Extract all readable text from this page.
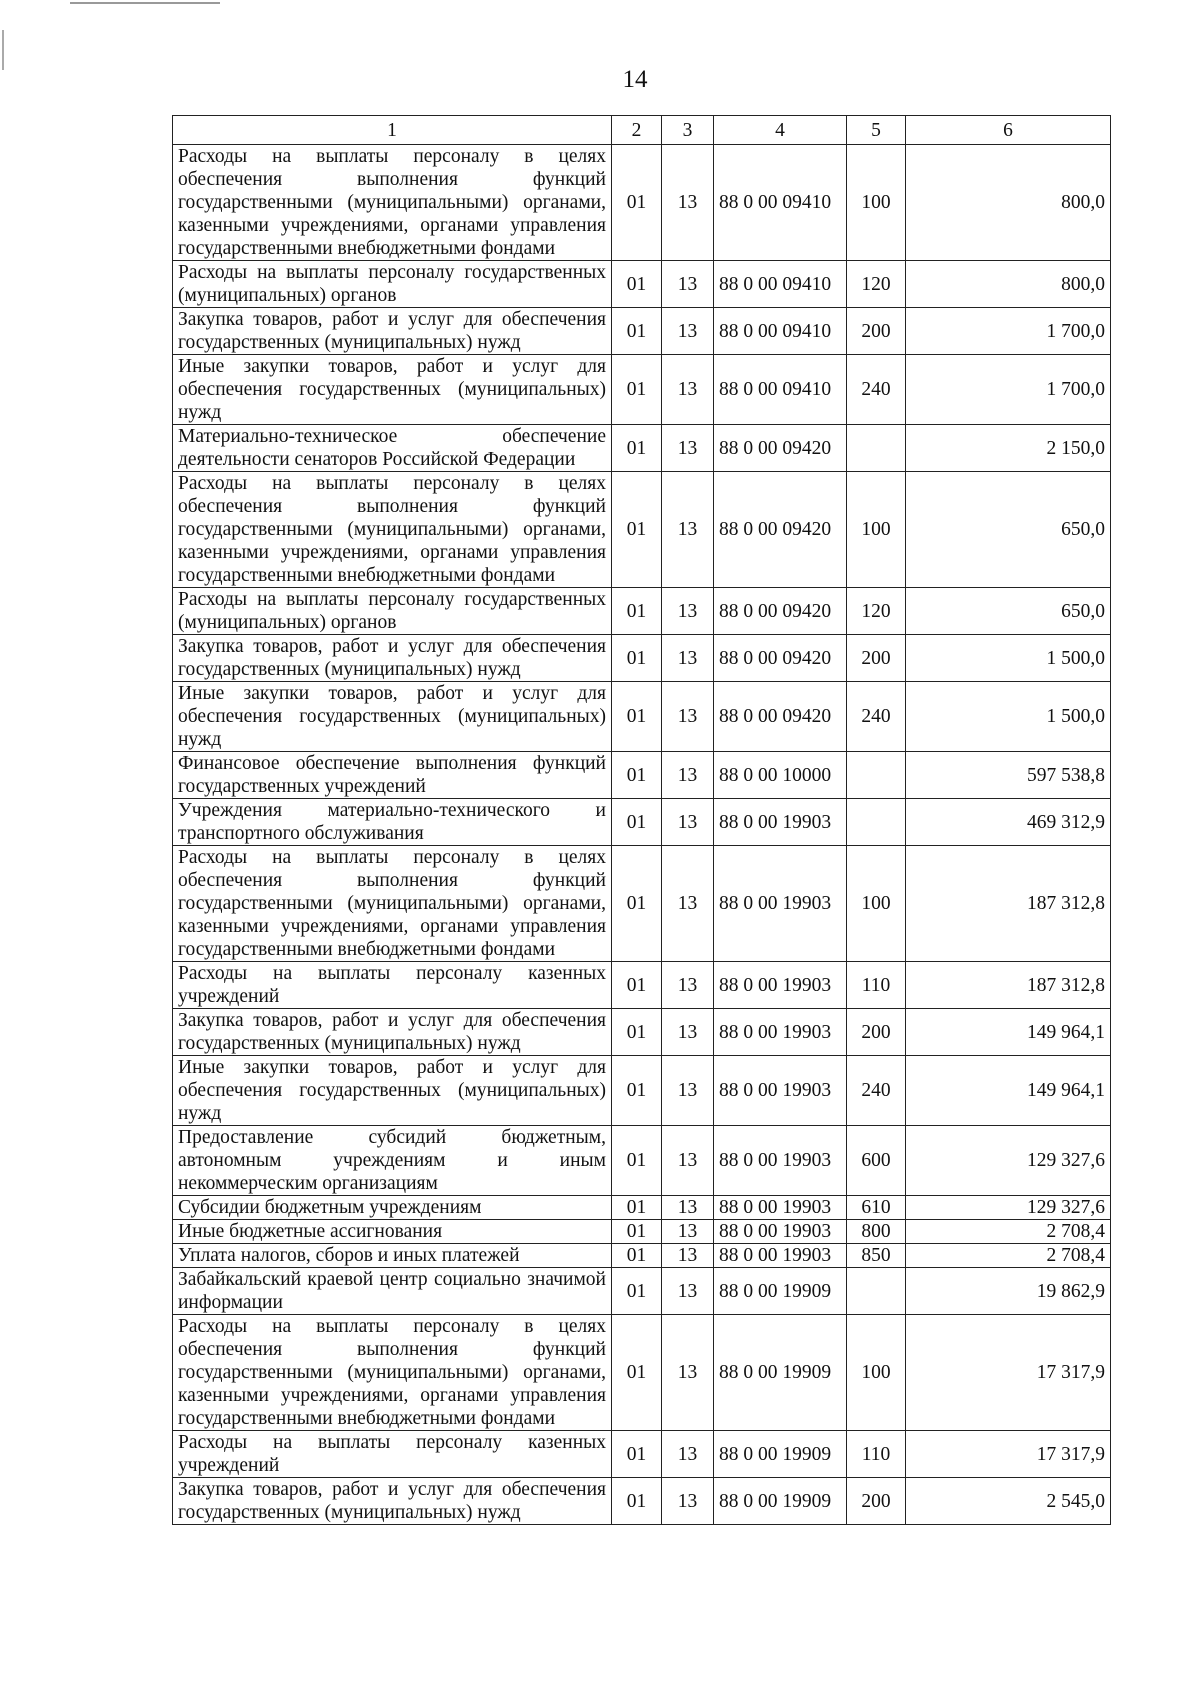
14
1	2	3	4	5	6
Расходы на выплаты персоналу в целях обеспечения выполнения функций государственными (муниципальными) органами, казенными учреждениями, органами управления государственными внебюджетными фондами	01	13	88 0 00 09410	100	800,0
Расходы на выплаты персоналу государственных (муниципальных) органов	01	13	88 0 00 09410	120	800,0
Закупка товаров, работ и услуг для обеспечения государственных (муниципальных) нужд	01	13	88 0 00 09410	200	1 700,0
Иные закупки товаров, работ и услуг для обеспечения государственных (муниципальных) нужд	01	13	88 0 00 09410	240	1 700,0
Материально-техническое обеспечение деятельности сенаторов Российской Федерации	01	13	88 0 00 09420		2 150,0
Расходы на выплаты персоналу в целях обеспечения выполнения функций государственными (муниципальными) органами, казенными учреждениями, органами управления государственными внебюджетными фондами	01	13	88 0 00 09420	100	650,0
Расходы на выплаты персоналу государственных (муниципальных) органов	01	13	88 0 00 09420	120	650,0
Закупка товаров, работ и услуг для обеспечения государственных (муниципальных) нужд	01	13	88 0 00 09420	200	1 500,0
Иные закупки товаров, работ и услуг для обеспечения государственных (муниципальных) нужд	01	13	88 0 00 09420	240	1 500,0
Финансовое обеспечение выполнения функций государственных учреждений	01	13	88 0 00 10000		597 538,8
Учреждения материально-технического и транспортного обслуживания	01	13	88 0 00 19903		469 312,9
Расходы на выплаты персоналу в целях обеспечения выполнения функций государственными (муниципальными) органами, казенными учреждениями, органами управления государственными внебюджетными фондами	01	13	88 0 00 19903	100	187 312,8
Расходы на выплаты персоналу казенных учреждений	01	13	88 0 00 19903	110	187 312,8
Закупка товаров, работ и услуг для обеспечения государственных (муниципальных) нужд	01	13	88 0 00 19903	200	149 964,1
Иные закупки товаров, работ и услуг для обеспечения государственных (муниципальных) нужд	01	13	88 0 00 19903	240	149 964,1
Предоставление субсидий бюджетным, автономным учреждениям и иным некоммерческим организациям	01	13	88 0 00 19903	600	129 327,6
Субсидии бюджетным учреждениям	01	13	88 0 00 19903	610	129 327,6
Иные бюджетные ассигнования	01	13	88 0 00 19903	800	2 708,4
Уплата налогов, сборов и иных платежей	01	13	88 0 00 19903	850	2 708,4
Забайкальский краевой центр социально значимой информации	01	13	88 0 00 19909		19 862,9
Расходы на выплаты персоналу в целях обеспечения выполнения функций государственными (муниципальными) органами, казенными учреждениями, органами управления государственными внебюджетными фондами	01	13	88 0 00 19909	100	17 317,9
Расходы на выплаты персоналу казенных учреждений	01	13	88 0 00 19909	110	17 317,9
Закупка товаров, работ и услуг для обеспечения государственных (муниципальных) нужд	01	13	88 0 00 19909	200	2 545,0
